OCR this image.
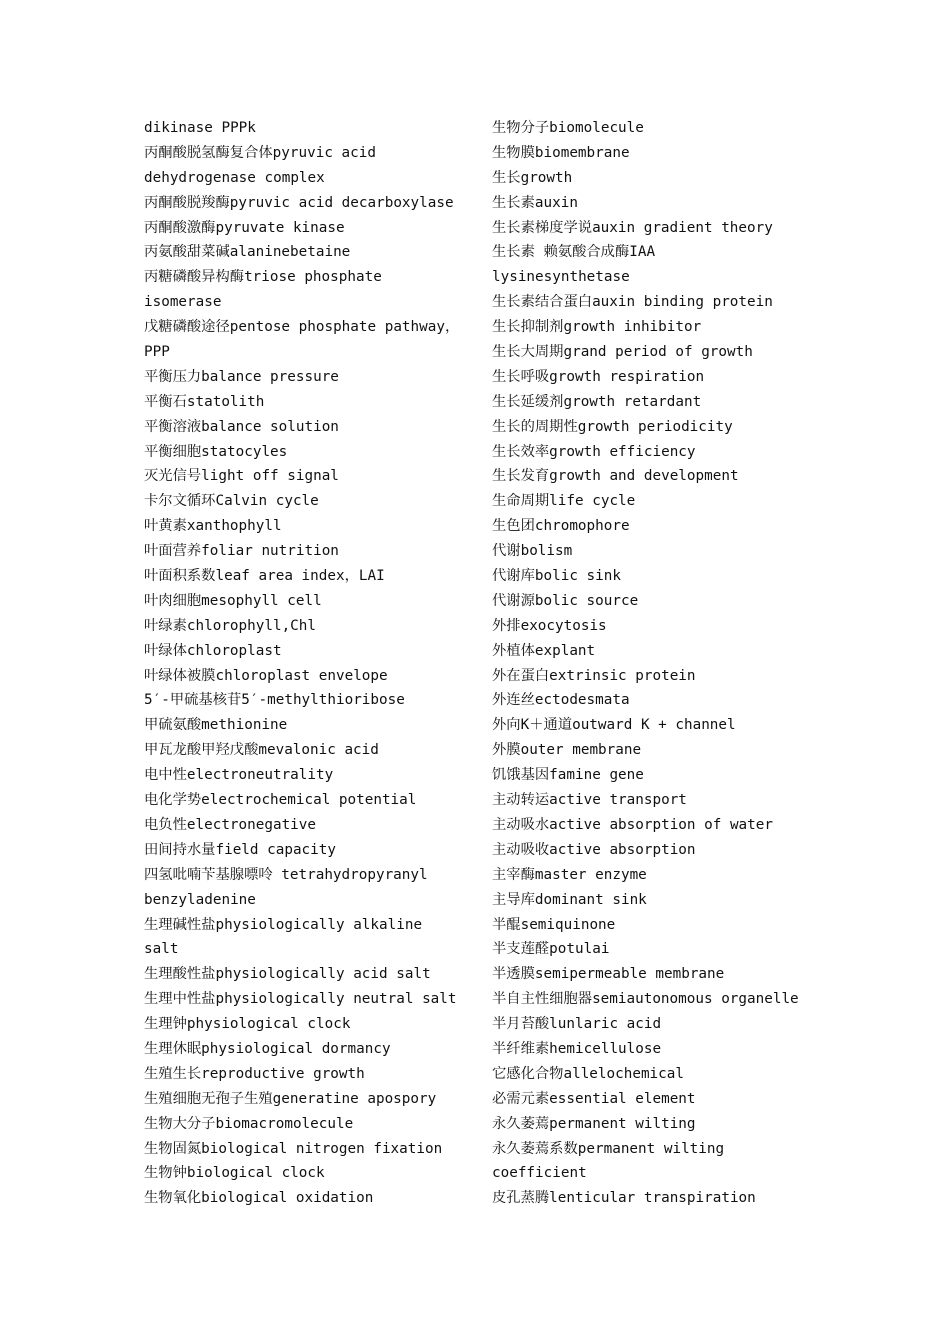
dikinase PPPk
丙酮酸脱氢酶复合体pyruvic acid
dehydrogenase complex
丙酮酸脱羧酶pyruvic acid decarboxylase
丙酮酸激酶pyruvate kinase
丙氨酸甜菜碱alaninebetaine
丙糖磷酸异构酶triose phosphate
isomerase
戊糖磷酸途径pentose phosphate pathway，
PPP
平衡压力balance pressure
平衡石statolith
平衡溶液balance solution
平衡细胞statocyles
灭光信号light off signal
卡尔文循环Calvin cycle
叶黄素xanthophyll
叶面营养foliar nutrition
叶面积系数leaf area index，LAI
叶肉细胞mesophyll cell
叶绿素chlorophyll,Chl
叶绿体chloroplast
叶绿体被膜chloroplast envelope
5′-甲硫基核苷5′-methylthioribose
甲硫氨酸methionine
甲瓦龙酸甲羟戊酸mevalonic acid
电中性electroneutrality
电化学势electrochemical potential
电负性electronegative
田间持水量field capacity
四氢吡喃苄基腺嘌呤 tetrahydropyranyl
benzyladenine
生理碱性盐physiologically alkaline
salt
生理酸性盐physiologically acid salt
生理中性盐physiologically neutral salt
生理钟physiological clock
生理休眠physiological dormancy
生殖生长reproductive growth
生殖细胞无孢子生殖generatine apospory
生物大分子biomacromolecule
生物固氮biological nitrogen fixation
生物钟biological clock
生物氧化biological oxidation
生物分子biomolecule
生物膜biomembrane
生长growth
生长素auxin
生长素梯度学说auxin gradient theory
生长素 赖氨酸合成酶IAA
lysinesynthetase
生长素结合蛋白auxin binding protein
生长抑制剂growth inhibitor
生长大周期grand period of growth
生长呼吸growth respiration
生长延缓剂growth retardant
生长的周期性growth periodicity
生长效率growth efficiency
生长发育growth and development
生命周期life cycle
生色团chromophore
代谢bolism
代谢库bolic sink
代谢源bolic source
外排exocytosis
外植体explant
外在蛋白extrinsic protein
外连丝ectodesmata
外向K＋通道outward K + channel
外膜outer membrane
饥饿基因famine gene
主动转运active transport
主动吸水active absorption of water
主动吸收active absorption
主宰酶master enzyme
主导库dominant sink
半醌semiquinone
半支莲醛potulai
半透膜semipermeable membrane
半自主性细胞器semiautonomous organelle
半月苔酸lunlaric acid
半纤维素hemicellulose
它感化合物allelochemical
必需元素essential element
永久萎蔫permanent wilting
永久萎蔫系数permanent wilting
coefficient
皮孔蒸腾lenticular transpiration
